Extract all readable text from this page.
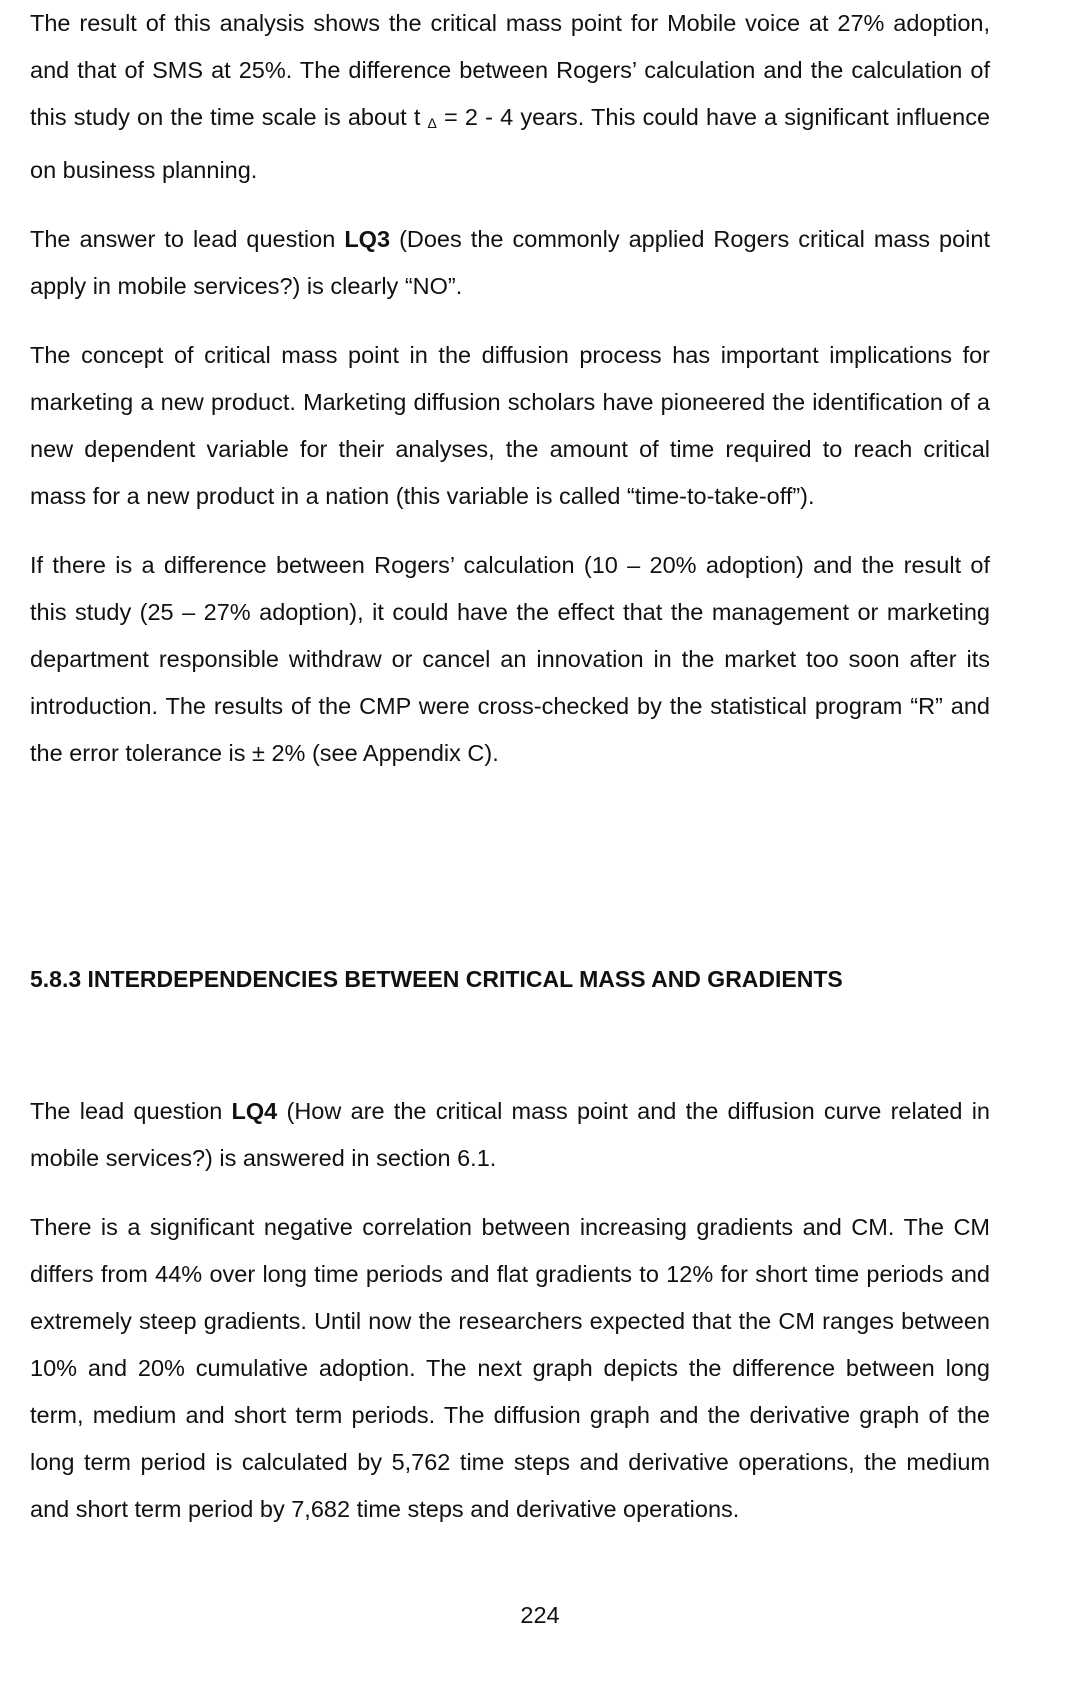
The result of this analysis shows the critical mass point for Mobile voice at 27% adoption, and that of SMS at 25%. The difference between Rogers’ calculation and the calculation of this study on the time scale is about t $_\Delta$ = 2 - 4 years. This could have a significant influence on business planning.

The answer to lead question LQ3 (Does the commonly applied Rogers critical mass point apply in mobile services?) is clearly “NO”.

The concept of critical mass point in the diffusion process has important implications for marketing a new product. Marketing diffusion scholars have pioneered the identification of a new dependent variable for their analyses, the amount of time required to reach critical mass for a new product in a nation (this variable is called “time-to-take-off”).

If there is a difference between Rogers’ calculation (10 – 20% adoption) and the result of this study (25 – 27% adoption), it could have the effect that the management or marketing department responsible withdraw or cancel an innovation in the market too soon after its introduction. The results of the CMP were cross-checked by the statistical program “R” and the error tolerance is ± 2% (see Appendix C).

5.8.3 INTERDEPENDENCIES BETWEEN CRITICAL MASS AND GRADIENTS

The lead question LQ4 (How are the critical mass point and the diffusion curve related in mobile services?) is answered in section 6.1.

There is a significant negative correlation between increasing gradients and CM. The CM differs from 44% over long time periods and flat gradients to 12% for short time periods and extremely steep gradients. Until now the researchers expected that the CM ranges between 10% and 20% cumulative adoption. The next graph depicts the difference between long term, medium and short term periods. The diffusion graph and the derivative graph of the long term period is calculated by 5,762 time steps and derivative operations, the medium and short term period by 7,682 time steps and derivative operations.

224
